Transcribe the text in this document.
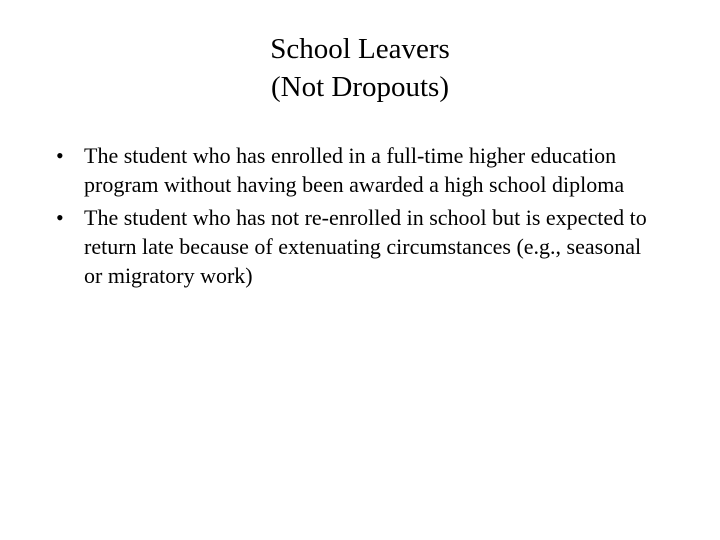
School Leavers
(Not Dropouts)
• The student who has enrolled in a full-time higher education program without having been awarded a high school diploma
• The student who has not re-enrolled in school but is expected to return late because of extenuating circumstances (e.g., seasonal or migratory work)
